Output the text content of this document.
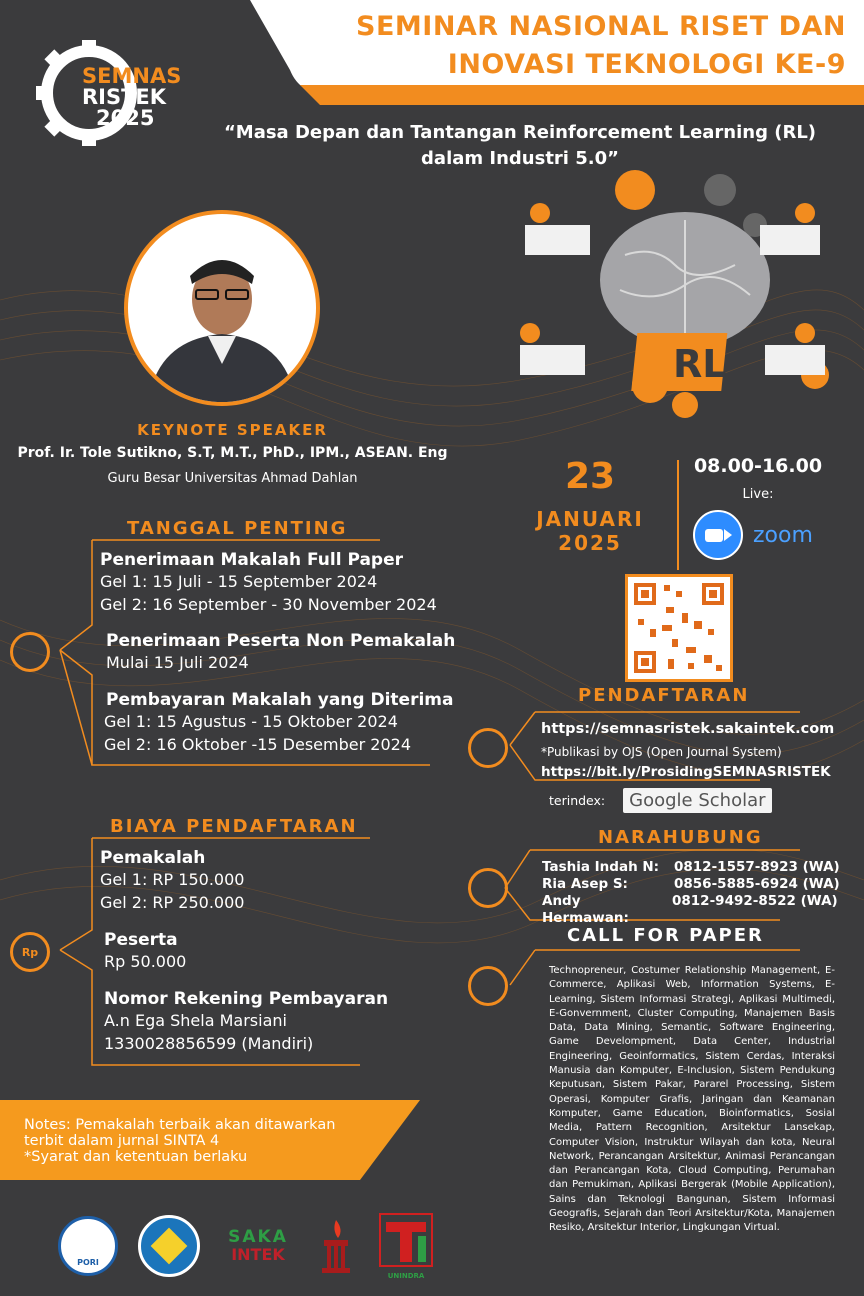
SEMNAS
RISTEK
2025
SEMINAR NASIONAL RISET DAN
INOVASI TEKNOLOGI KE-9
“Masa Depan dan Tantangan Reinforcement Learning (RL)
dalam Industri 5.0”
RL
KEYNOTE SPEAKER
Prof. Ir. Tole Sutikno, S.T, M.T., PhD., IPM., ASEAN. Eng
Guru Besar Universitas Ahmad Dahlan	23
JANUARI
2025
08.00-16.00
Live:
zoom
TANGGAL PENTING
Penerimaan Makalah Full Paper
Gel 1: 15 Juli - 15 September 2024
Gel 2: 16 September - 30 November 2024
Penerimaan Peserta Non Pemakalah
Mulai 15 Juli 2024
Pembayaran Makalah yang Diterima
Gel 1: 15 Agustus - 15 Oktober 2024
Gel 2: 16 Oktober -15 Desember 2024
BIAYA PENDAFTARAN
Rp
Pemakalah
Gel 1: RP 150.000
Gel 2: RP 250.000
Peserta
Rp 50.000
Nomor Rekening Pembayaran
A.n Ega Shela Marsiani
1330028856599 (Mandiri)
Notes: Pemakalah terbaik akan ditawarkan
terbit dalam jurnal SINTA 4
*Syarat dan ketentuan berlaku
PENDAFTARAN
https://semnasristek.sakaintek.com
*Publikasi by OJS (Open Journal System)
https://bit.ly/ProsidingSEMNASRISTEK
terindex:	Google Scholar
NARAHUBUNG
Tashia Indah N:	0812-1557-8923 (WA)
Ria Asep S:	0856-5885-6924 (WA)
Andy Hermawan:
0812-9492-8522 (WA)
CALL FOR PAPER
Technopreneur, Costumer Relationship Management, E-Commerce, Aplikasi Web, Information Systems, E-Learning, Sistem Informasi Strategi, Aplikasi Multimedi, E-Gonvernment, Cluster Computing, Manajemen Basis Data, Data Mining, Semantic, Software Engineering, Game Develompment, Data Center, Industrial Engineering, Geoinformatics, Sistem Cerdas, Interaksi Manusia dan Komputer, E-Inclusion, Sistem Pendukung Keputusan, Sistem Pakar, Pararel Processing, Sistem Operasi, Komputer Grafis, Jaringan dan Keamanan Komputer, Game Education, Bioinformatics, Sosial Media, Pattern Recognition, Arsitektur Lansekap, Computer Vision, Instruktur Wilayah dan kota, Neural Network, Perancangan Arsitektur, Animasi Perancangan dan Perancangan Kota, Cloud Computing, Perumahan dan Pemukiman, Aplikasi Bergerak (Mobile Application), Sains dan Teknologi Bangunan, Sistem Informasi Geografis, Sejarah dan Teori Arsitektur/Kota, Manajemen Resiko, Arsitektur Interior, Lingkungan Virtual.
PORI
SAKA
INTEK
UNINDRA
